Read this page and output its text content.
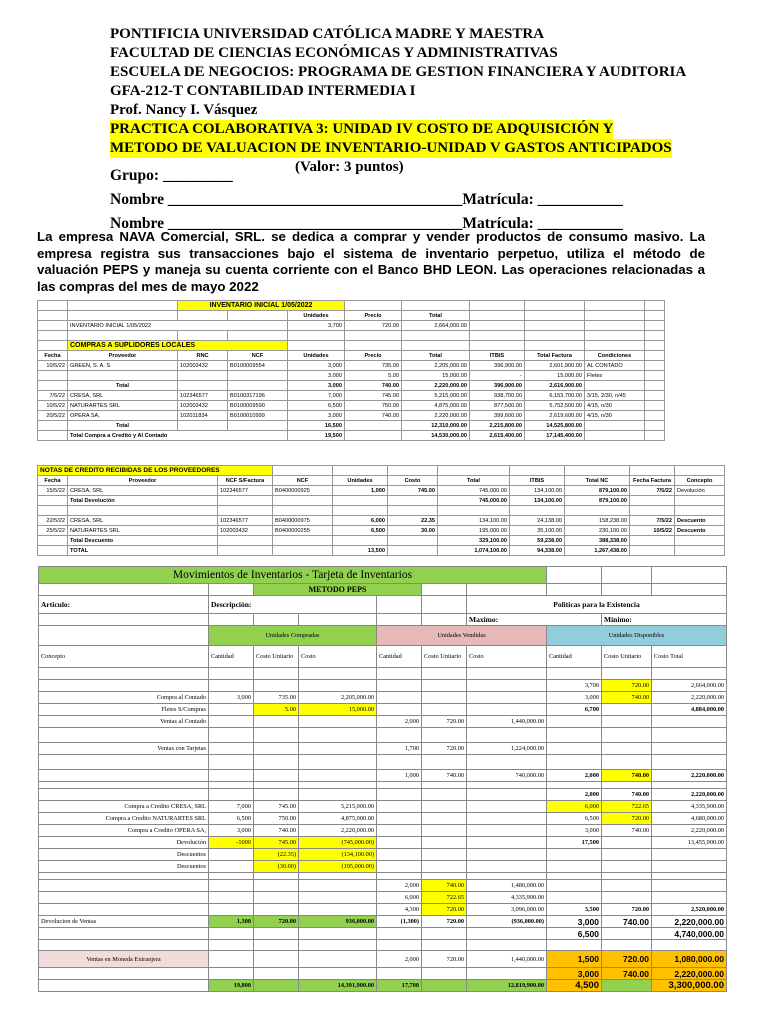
PONTIFICIA UNIVERSIDAD CATÓLICA MADRE Y MAESTRA
FACULTAD DE CIENCIAS ECONÓMICAS Y ADMINISTRATIVAS
ESCUELA DE NEGOCIOS: PROGRAMA DE GESTION FINANCIERA Y AUDITORIA
GFA-212-T CONTABILIDAD INTERMEDIA I
Prof. Nancy I. Vásquez
PRACTICA COLABORATIVA 3: UNIDAD IV COSTO DE ADQUISICIÓN Y
METODO DE VALUACION DE INVENTARIO-UNIDAD V GASTOS ANTICIPADOS
(Valor: 3 puntos)
Grupo: _________
Nombre ______________________________________Matrícula: ___________
Nombre ______________________________________Matrícula: ___________
La empresa NAVA Comercial, SRL. se dedica a comprar y vender productos de consumo masivo. La empresa registra sus transacciones bajo el sistema de inventario perpetuo, utiliza el método de valuación PEPS y maneja su cuenta corriente con el Banco BHD LEON. Las operaciones relacionadas a las compras del mes de mayo 2022
		INVENTARIO INICIAL 1/05/2022								
				Unidades	Precio	Total				
	INVENTARIO INICIAL 1/05/2022			3,700	720.00	2,664,000.00				

	COMPRAS A SUPLIDORES LOCALES									
Fecha	Proveedor	RNC	NCF	Unidades	Precio	Total	ITBIS	Total Factura	Condiciones	
10/5/22	GREEN, S. A. S	102003432	B0100009554	3,000	735.00	2,205,000.00	396,900.00	2,601,900.00	AL CONTADO	
				3,000	5.00	15,000.00	-	15,000.00	Fletes	
	Total			3,000	740.00	2,220,000.00	396,900.00	2,616,900.00		
7/5/22	CRESA, SRL	102346577	B0100317196	7,000	745.00	5,215,000.00	938,700.00	6,153,700.00	3/15, 2/30, n/45	
10/5/22	NATURARTES SRL	102003432	B0100009590	6,500	750.00	4,875,000.00	877,500.00	5,752,500.00	4/15, n/30	
20/5/22	OPERA SA,	102011834	B0100010999	3,000	740.00	2,220,000.00	399,600.00	2,619,600.00	4/15, n/30	
	Total			16,500		12,310,000.00	2,215,800.00	14,525,800.00		
	Total Compra a Credito y Al Contado			19,500		14,530,000.00	2,615,400.00	17,145,400.00		
NOTAS DE CREDITO RECIBIDAS DE LOS PROVEEDORES										
Fecha	Proveedor	NCF S/Factura	NCF	Unidades	Costo	Total	ITBIS	Total NC	Fecha Factura	Concepto
15/5/22	CRESA, SRL	102346577	B0400000925	1,000	745.00	745,000.00	134,100.00	879,100.00	7/5/22	Devolución
	Total Devolución					745,000.00	134,100.00	879,100.00		

22/5/22	CRESA, SRL	102346577	B0400000975	6,000	22.35	134,100.00	24,138.00	158,238.00	7/5/22	Descuento
25/5/22	NATURARTES SRL	102003432	B0400000255	6,500	30.00	195,000.00	35,100.00	230,100.00	10/5/22	Descuento
	Total Descuento					329,100.00	59,238.00	388,338.00		
	TOTAL			13,500		1,074,100.00	94,338.00	1,267,438.00		
Movimientos de Inventarios - Tarjeta de Inventarios									
		METODO PEPS							
Articulo:	Descripción:					Politicas para la Existencia			
						Maximo:		Mínimo:	
	Unidades Compradas			Unidades Vendidas			Unidades Disponibles		
Concepto	Cantidad	Costo Unitario	Costo	Cantidad	Costo Unitario	Costo	Cantidad	Costo Unitario	Costo Total

							3,700	720.00	2,664,000.00
Compra al Contado	3,000	735.00	2,205,000.00				3,000	740.00	2,220,000.00
Fletes S/Compras		5.00	15,000.00				6,700		4,884,000.00
Ventas al Contado				2,000	720.00	1,440,000.00			

Ventas con Tarjetas				1,700	720.00	1,224,000.00			

				1,000	740.00	740,000.00	2,000	740.00	2,220,000.00

							2,000	740.00	2,220,000.00
Compra a Credito CRESA, SRL	7,000	745.00	5,215,000.00				6,000	722.65	4,335,900.00
Compra a Credito NATURARTES SRL	6,500	750.00	4,875,000.00				6,500	720.00	4,680,000.00
Compra a Credito OPERA SA,	3,000	740.00	2,220,000.00				3,000	740.00	2,220,000.00
Devolución	-1000	745.00	(745,000.00)				17,500		13,455,900.00
Descuentos		(22.35)	(134,100.00)						
Descuentos		(30.00)	(195,000.00)						

				2,000	740.00	1,480,000.00			
				6,000	722.65	4,335,900.00			
				4,300	720.00	3,096,000.00	3,500	720.00	2,520,000.00
Devolucion de Ventas	1,300	720.00	936,000.00	(1,300)	720.00	(936,000.00)	3,000	740.00	2,220,000.00
							6,500		4,740,000.00

Ventas en Moneda Extranjera				2,000	720.00	1,440,000.00	1,500	720.00	1,080,000.00
							3,000	740.00	2,220,000.00
	19,800		14,391,900.00	17,700		12,819,900.00	4,500		3,300,000.00
